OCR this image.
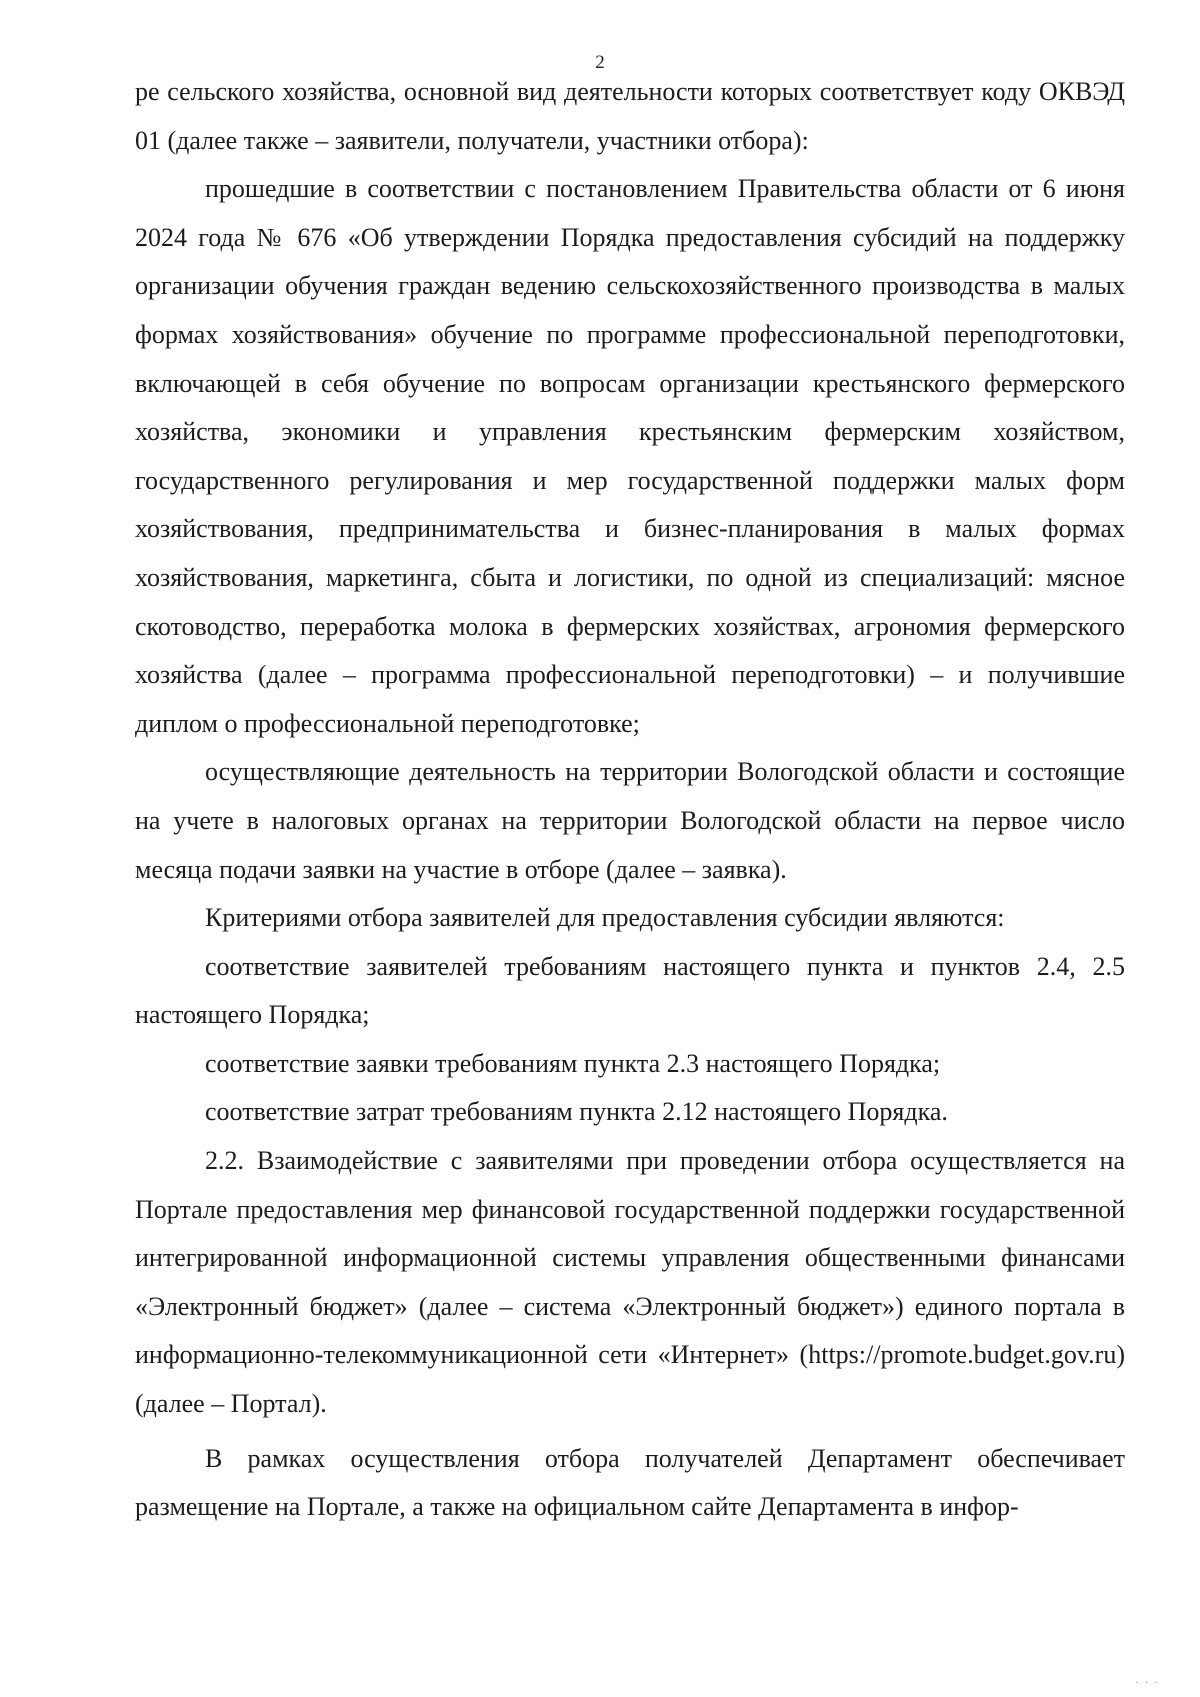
2

ре сельского хозяйства, основной вид деятельности которых соответствует коду ОКВЭД 01 (далее также – заявители, получатели, участники отбора):

прошедшие в соответствии с постановлением Правительства области от 6 июня 2024 года № 676 «Об утверждении Порядка предоставления субсидий на поддержку организации обучения граждан ведению сельскохозяйственного производства в малых формах хозяйствования» обучение по программе профессиональной переподготовки, включающей в себя обучение по вопросам организации крестьянского фермерского хозяйства, экономики и управления крестьянским фермерским хозяйством, государственного регулирования и мер государственной поддержки малых форм хозяйствования, предпринимательства и бизнес-планирования в малых формах хозяйствования, маркетинга, сбыта и логистики, по одной из специализаций: мясное скотоводство, переработка молока в фермерских хозяйствах, агрономия фермерского хозяйства (далее – программа профессиональной переподготовки) – и получившие диплом о профессиональной переподготовке;

осуществляющие деятельность на территории Вологодской области и состоящие на учете в налоговых органах на территории Вологодской области на первое число месяца подачи заявки на участие в отборе (далее – заявка).

Критериями отбора заявителей для предоставления субсидии являются:

соответствие заявителей требованиям настоящего пункта и пунктов 2.4, 2.5 настоящего Порядка;

соответствие заявки требованиям пункта 2.3 настоящего Порядка;

соответствие затрат требованиям пункта 2.12 настоящего Порядка.

2.2. Взаимодействие с заявителями при проведении отбора осуществляется на Портале предоставления мер финансовой государственной поддержки государственной интегрированной информационной системы управления общественными финансами «Электронный бюджет» (далее – система «Электронный бюджет») единого портала в информационно-телекоммуникационной сети «Интернет» (https://promote.budget.gov.ru) (далее – Портал).

В рамках осуществления отбора получателей Департамент обеспечивает размещение на Портале, а также на официальном сайте Департамента в инфор-

· · ·
